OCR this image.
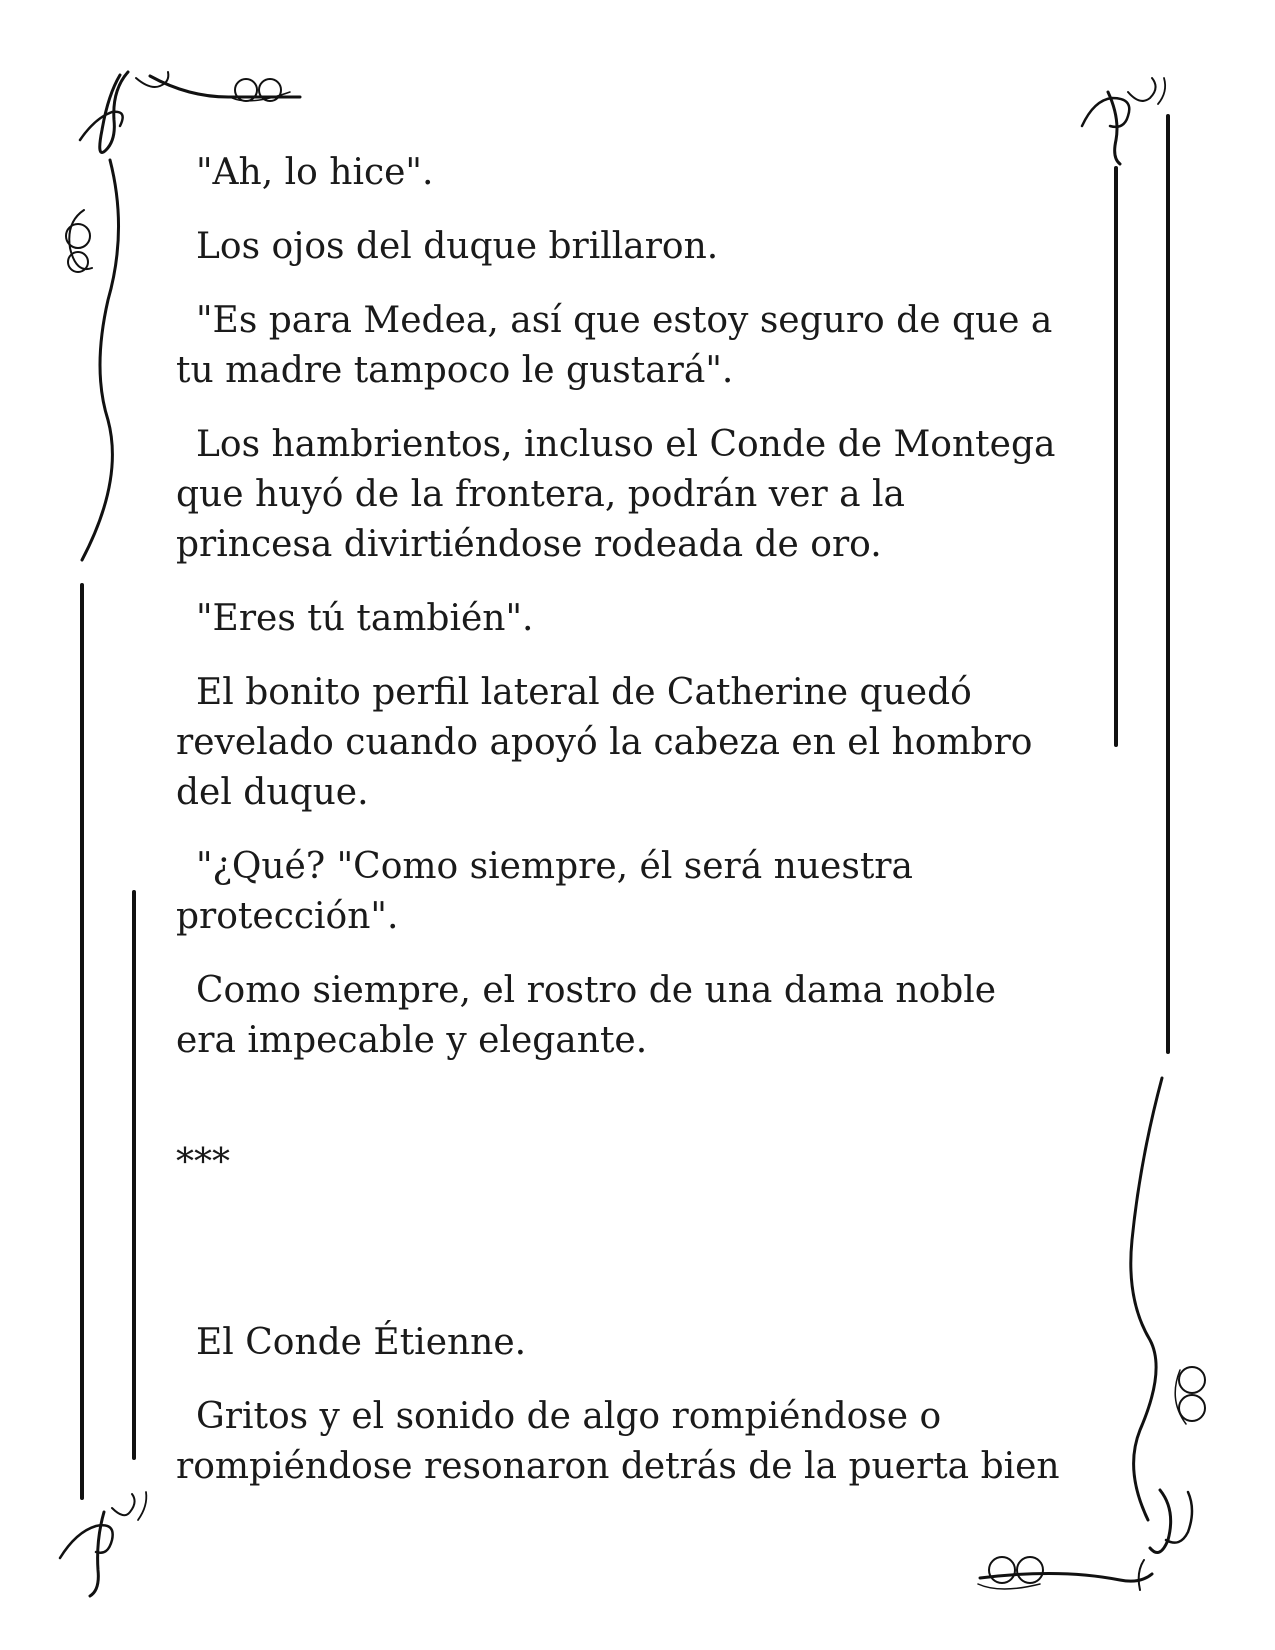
"Ah, lo hice".

Los ojos del duque brillaron.

"Es para Medea, así que estoy seguro de que a

tu madre tampoco le gustará".

Los hambrientos, incluso el Conde de Montega

que huyó de la frontera, podrán ver a la

princesa divirtiéndose rodeada de oro.

"Eres tú también".

El bonito perfil lateral de Catherine quedó

revelado cuando apoyó la cabeza en el hombro

del duque.

"¿Qué? "Como siempre, él será nuestra

protección".

Como siempre, el rostro de una dama noble

era impecable y elegante.

***

El Conde Étienne.

Gritos y el sonido de algo rompiéndose o

rompiéndose resonaron detrás de la puerta bien
